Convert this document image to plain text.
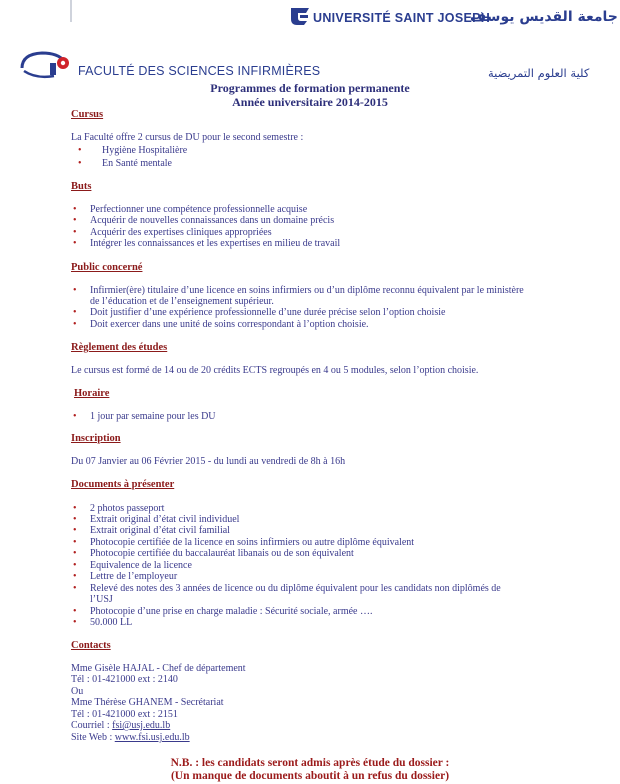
UNIVERSITÉ SAINT JOSEPH
جامعة القديس يوسف
FACULTÉ DES SCIENCES INFIRMIÈRES	كلية العلوم التمريضية
Programmes de formation permanente
Année universitaire 2014-2015
Cursus
La Faculté offre 2 cursus de DU pour le second semestre :
Hygiène Hospitalière
En Santé mentale
Buts
Perfectionner une compétence professionnelle acquise
Acquérir de nouvelles connaissances dans un domaine précis
Acquérir des expertises cliniques appropriées
Intégrer les connaissances et les expertises en milieu de travail
Public concerné
Infirmier(ère) titulaire d’une licence en soins infirmiers ou d’un diplôme reconnu équivalent par le ministère
de l’éducation et de l’enseignement supérieur.
Doit justifier d’une expérience professionnelle d’une durée précise selon l’option choisie
Doit exercer dans une unité de soins correspondant à l’option choisie.
Règlement des études
Le cursus est formé de 14 ou de 20 crédits ECTS regroupés en 4 ou 5 modules, selon l’option choisie.
Horaire
1 jour par semaine pour les DU
Inscription
Du 07 Janvier au 06 Février 2015 - du lundi au vendredi de 8h à 16h
Documents à présenter
2 photos passeport
Extrait original d’état civil individuel
Extrait original d’état civil familial
Photocopie certifiée de la licence en soins infirmiers ou autre diplôme équivalent
Photocopie certifiée du baccalauréat libanais ou de son équivalent
Equivalence de la licence
Lettre de l’employeur
Relevé des notes des 3 années de licence ou du diplôme équivalent pour les candidats non diplômés de
l’USJ
Photocopie d’une prise en charge maladie : Sécurité sociale, armée ….
50.000 LL
Contacts
Mme Gisèle HAJAL - Chef de département
Tél : 01-421000 ext : 2140
Ou
Mme Thérèse GHANEM - Secrétariat
Tél : 01-421000 ext : 2151
Courriel : fsi@usj.edu.lb
Site Web : www.fsi.usj.edu.lb
N.B. : les candidats seront admis après étude du dossier :
(Un manque de documents aboutit à un refus du dossier)
